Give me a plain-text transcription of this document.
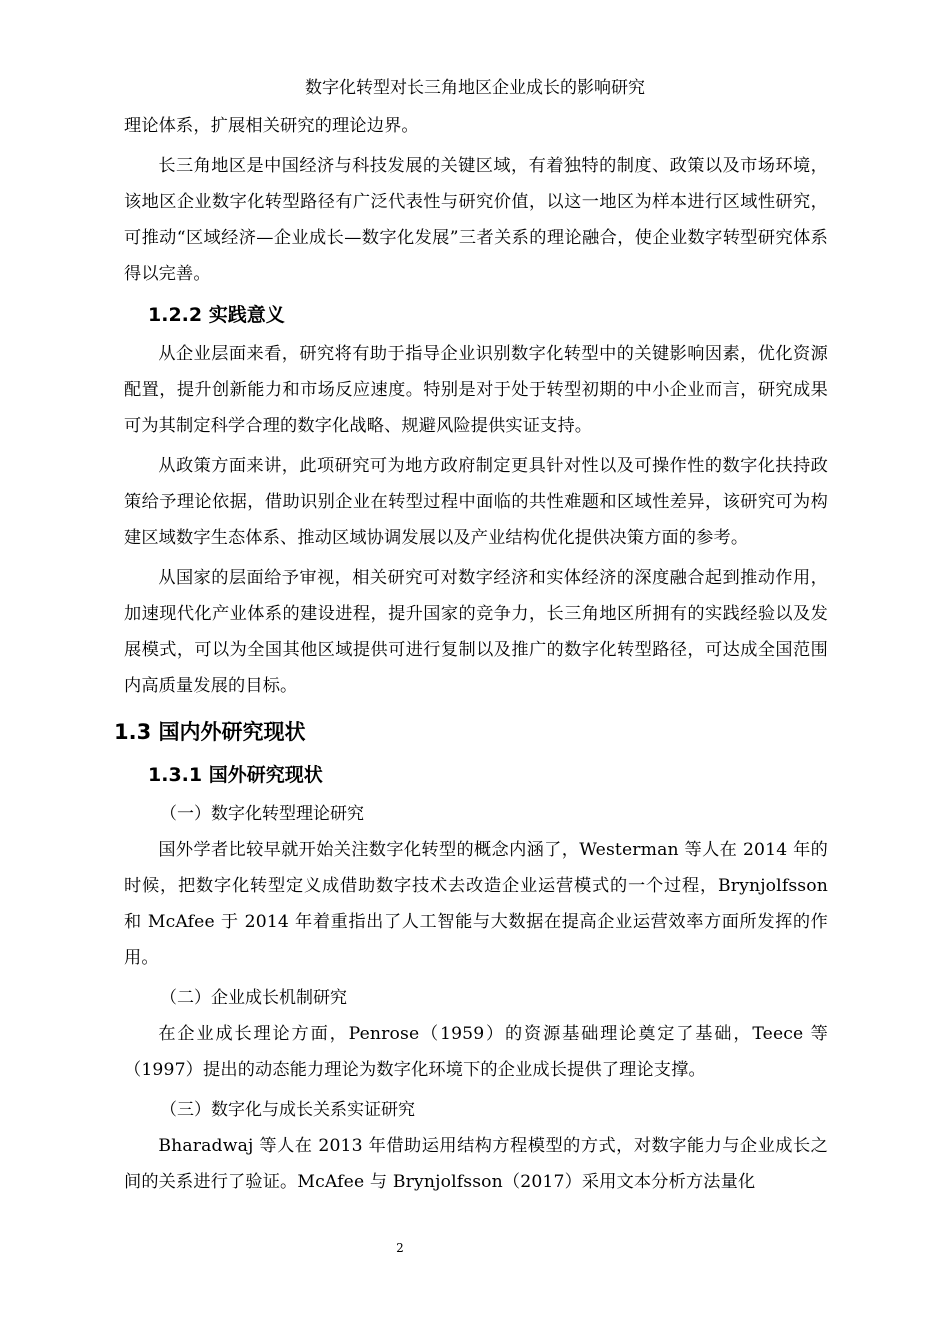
数字化转型对长三角地区企业成长的影响研究

理论体系，扩展相关研究的理论边界。

长三角地区是中国经济与科技发展的关键区域，有着独特的制度、政策以及市场环境，该地区企业数字化转型路径有广泛代表性与研究价值，以这一地区为样本进行区域性研究，可推动“区域经济—企业成长—数字化发展”三者关系的理论融合，使企业数字转型研究体系得以完善。

1.2.2 实践意义

从企业层面来看，研究将有助于指导企业识别数字化转型中的关键影响因素，优化资源配置，提升创新能力和市场反应速度。特别是对于处于转型初期的中小企业而言，研究成果可为其制定科学合理的数字化战略、规避风险提供实证支持。

从政策方面来讲，此项研究可为地方政府制定更具针对性以及可操作性的数字化扶持政策给予理论依据，借助识别企业在转型过程中面临的共性难题和区域性差异，该研究可为构建区域数字生态体系、推动区域协调发展以及产业结构优化提供决策方面的参考。

从国家的层面给予审视，相关研究可对数字经济和实体经济的深度融合起到推动作用，加速现代化产业体系的建设进程，提升国家的竞争力，长三角地区所拥有的实践经验以及发展模式，可以为全国其他区域提供可进行复制以及推广的数字化转型路径，可达成全国范围内高质量发展的目标。

1.3 国内外研究现状
1.3.1 国外研究现状

（一）数字化转型理论研究

国外学者比较早就开始关注数字化转型的概念内涵了，Westerman 等人在 2014 年的时候，把数字化转型定义成借助数字技术去改造企业运营模式的一个过程，Brynjolfsson 和 McAfee 于 2014 年着重指出了人工智能与大数据在提高企业运营效率方面所发挥的作用。

（二）企业成长机制研究

在企业成长理论方面，Penrose（1959）的资源基础理论奠定了基础，Teece 等（1997）提出的动态能力理论为数字化环境下的企业成长提供了理论支撑。

（三）数字化与成长关系实证研究

Bharadwaj 等人在 2013 年借助运用结构方程模型的方式，对数字能力与企业成长之间的关系进行了验证。McAfee 与 Brynjolfsson（2017）采用文本分析方法量化

2
